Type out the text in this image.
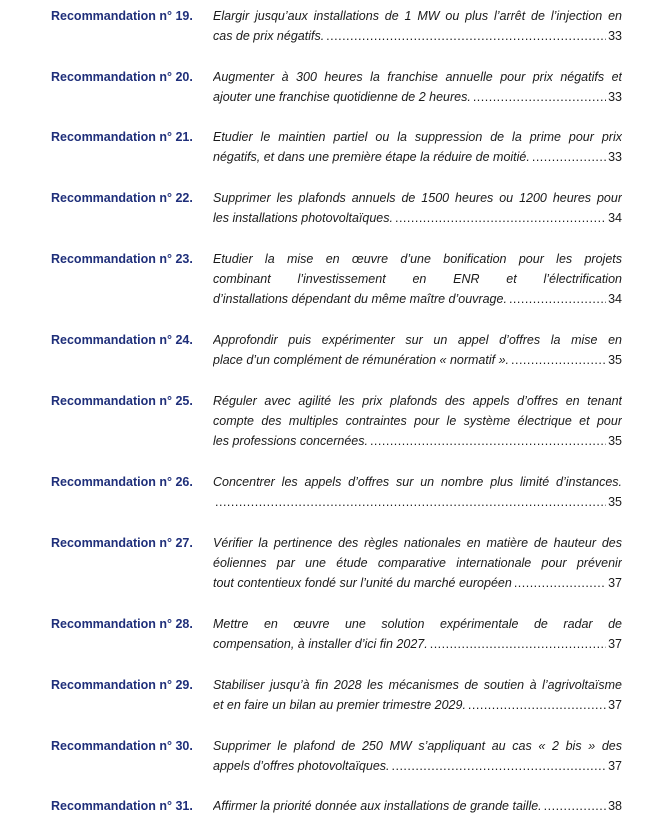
Recommandation n° 19.	Elargir jusqu’aux installations de 1 MW ou plus l’arrêt de l’injection en
cas de prix négatifs. .....	33
Recommandation n° 20.	Augmenter à 300 heures la franchise annuelle pour prix négatifs et
ajouter une franchise quotidienne de 2 heures. .....	33
Recommandation n° 21.	Etudier le maintien partiel ou la suppression de la prime pour prix
négatifs, et dans une première étape la réduire de moitié. .....	33
Recommandation n° 22.	Supprimer les plafonds annuels de 1500 heures ou 1200 heures pour
les installations photovoltaïques. .....	34
Recommandation n° 23.	Etudier la mise en œuvre d’une bonification pour les projets
combinant l’investissement en ENR et l’électrification
d’installations dépendant du même maître d’ouvrage. .....	34
Recommandation n° 24.	Approfondir puis expérimenter sur un appel d’offres la mise en
place d’un complément de rémunération « normatif ». .....	35
Recommandation n° 25.	Réguler avec agilité les prix plafonds des appels d’offres en tenant
compte des multiples contraintes pour le système électrique et pour
les professions concernées. .....	35
Recommandation n° 26.	Concentrer les appels d’offres sur un nombre plus limité d’instances.
.....
35
Recommandation n° 27.	Vérifier la pertinence des règles nationales en matière de hauteur des
éoliennes par une étude comparative internationale pour prévenir
tout contentieux fondé sur l’unité du marché européen .....	37
Recommandation n° 28.	Mettre en œuvre une solution expérimentale de radar de
compensation, à installer d’ici fin 2027. .....	37
Recommandation n° 29.	Stabiliser jusqu’à fin 2028 les mécanismes de soutien à l’agrivoltaïsme
et en faire un bilan au premier trimestre 2029. .....	37
Recommandation n° 30.	Supprimer le plafond de 250 MW s’appliquant au cas « 2 bis » des
appels d’offres photovoltaïques. .....	37
Recommandation n° 31.	Affirmer la priorité donnée aux installations de grande taille. .....	38
